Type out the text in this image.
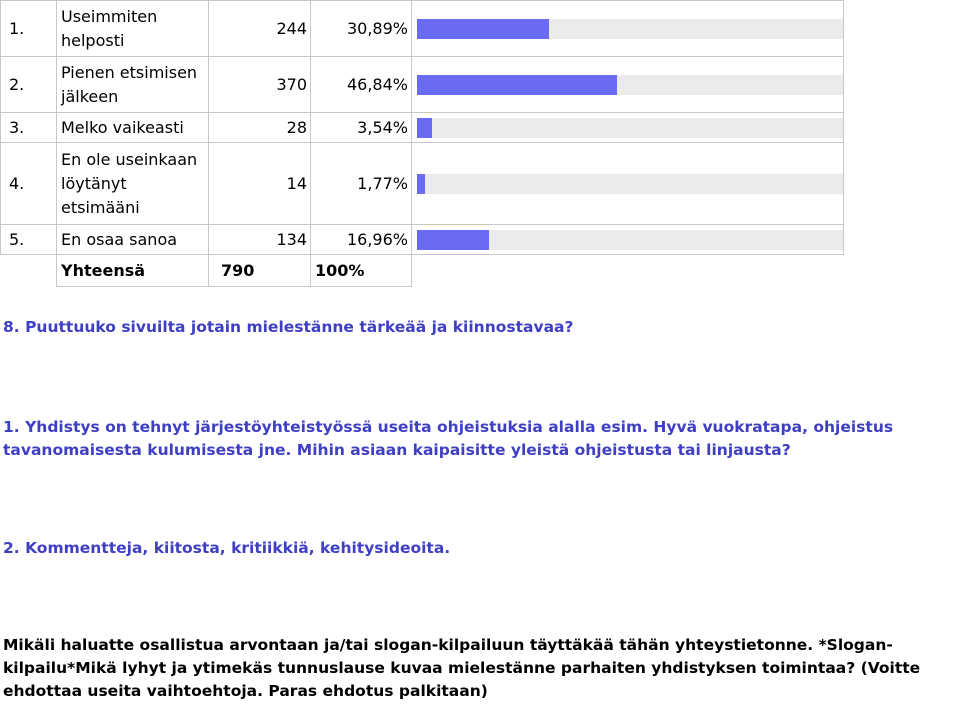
1.	Useimmiten helposti	244	30,89%	

2.	Pienen etsimisen jälkeen	370	46,84%	

3.	Melko vaikeasti	28	3,54%	

4.	En ole useinkaan löytänyt etsimääni	14	1,77%	

5.	En osaa sanoa	134	16,96%	

	Yhteensä	790	100%	

8. Puuttuuko sivuilta jotain mielestänne tärkeää ja kiinnostavaa?

1. Yhdistys on tehnyt järjestöyhteistyössä useita ohjeistuksia alalla esim. Hyvä vuokratapa, ohjeistus tavanomaisesta kulumisesta jne. Mihin asiaan kaipaisitte yleistä ohjeistusta tai linjausta?

2. Kommentteja, kiitosta, kritiikkiä, kehitysideoita.

Mikäli haluatte osallistua arvontaan ja/tai slogan-kilpailuun täyttäkää tähän yhteystietonne. *Slogan-kilpailu*Mikä lyhyt ja ytimekäs tunnuslause kuvaa mielestänne parhaiten yhdistyksen toimintaa? (Voitte ehdottaa useita vaihtoehtoja. Paras ehdotus palkitaan)
